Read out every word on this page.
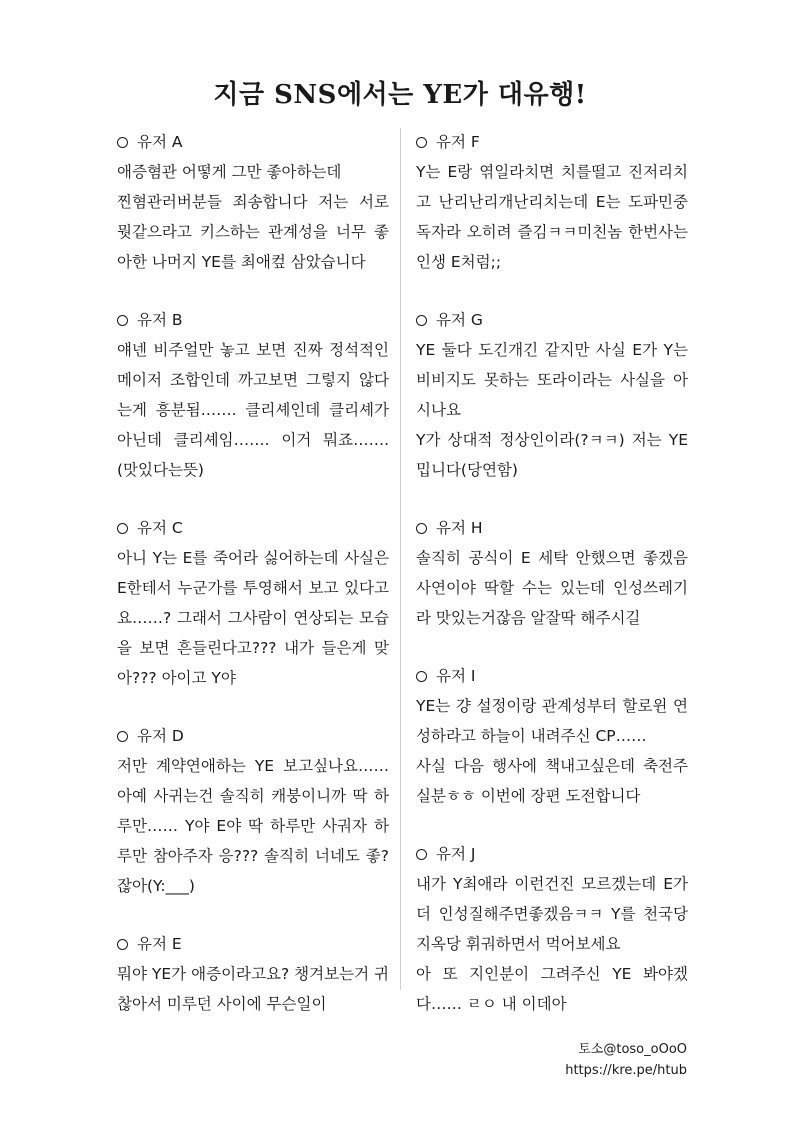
지금 SNS에서는 YE가 대유행!
유저 A

애증혐관 어떻게 그만 좋아하는데

찐혐관러버분들 죄송합니다 저는 서로 뭣같으라고 키스하는 관계성을 너무 좋아한 나머지 YE를 최애컾 삼았습니다

유저 B

얘넨 비주얼만 놓고 보면 진짜 정석적인 메이저 조합인데 까고보면 그렇지 않다는게 흥분됨……. 클리셰인데 클리셰가 아닌데 클리셰임……. 이거 뭐죠……. (맛있다는뜻)

유저 C

아니 Y는 E를 죽어라 싫어하는데 사실은 E한테서 누군가를 투영해서 보고 있다고요……? 그래서 그사람이 연상되는 모습을 보면 흔들린다고??? 내가 들은게 맞아??? 아이고 Y야

유저 D

저만 계약연애하는 YE 보고싶나요…… 아예 사귀는건 솔직히 캐붕이니까 딱 하루만…… Y야 E야 딱 하루만 사궈자 하루만 참아주자 응??? 솔직히 너네도 좋?잖아(Y:___)

유저 E

뭐야 YE가 애증이라고요? 챙겨보는거 귀찮아서 미루던 사이에 무슨일이

유저 F

Y는 E랑 엮일라치면 치를떨고 진저리치고 난리난리개난리치는데 E는 도파민중독자라 오히려 즐김ㅋㅋ미친놈 한번사는인생 E처럼;;

유저 G

YE 둘다 도긴개긴 같지만 사실 E가 Y는 비비지도 못하는 또라이라는 사실을 아시나요

Y가 상대적 정상인이라(?ㅋㅋ) 저는 YE 밉니다(당연함)

유저 H

솔직히 공식이 E 세탁 안했으면 좋겠음 사연이야 딱할 수는 있는데 인성쓰레기라 맛있는거잖음 알잘딱 해주시길

유저 I

YE는 걍 설정이랑 관계성부터 할로윈 연성하라고 하늘이 내려주신 CP……

사실 다음 행사에 책내고싶은데 축전주실분ㅎㅎ 이번에 장편 도전합니다

유저 J

내가 Y최애라 이런건진 모르겠는데 E가 더 인성질해주면좋겠음ㅋㅋ Y를 천국당 지옥당 휘궈하면서 먹어보세요

아 또 지인분이 그려주신 YE 봐야겠다…… ㄹㅇ 내 이데아

토소@toso_oOoO
https://kre.pe/htub
